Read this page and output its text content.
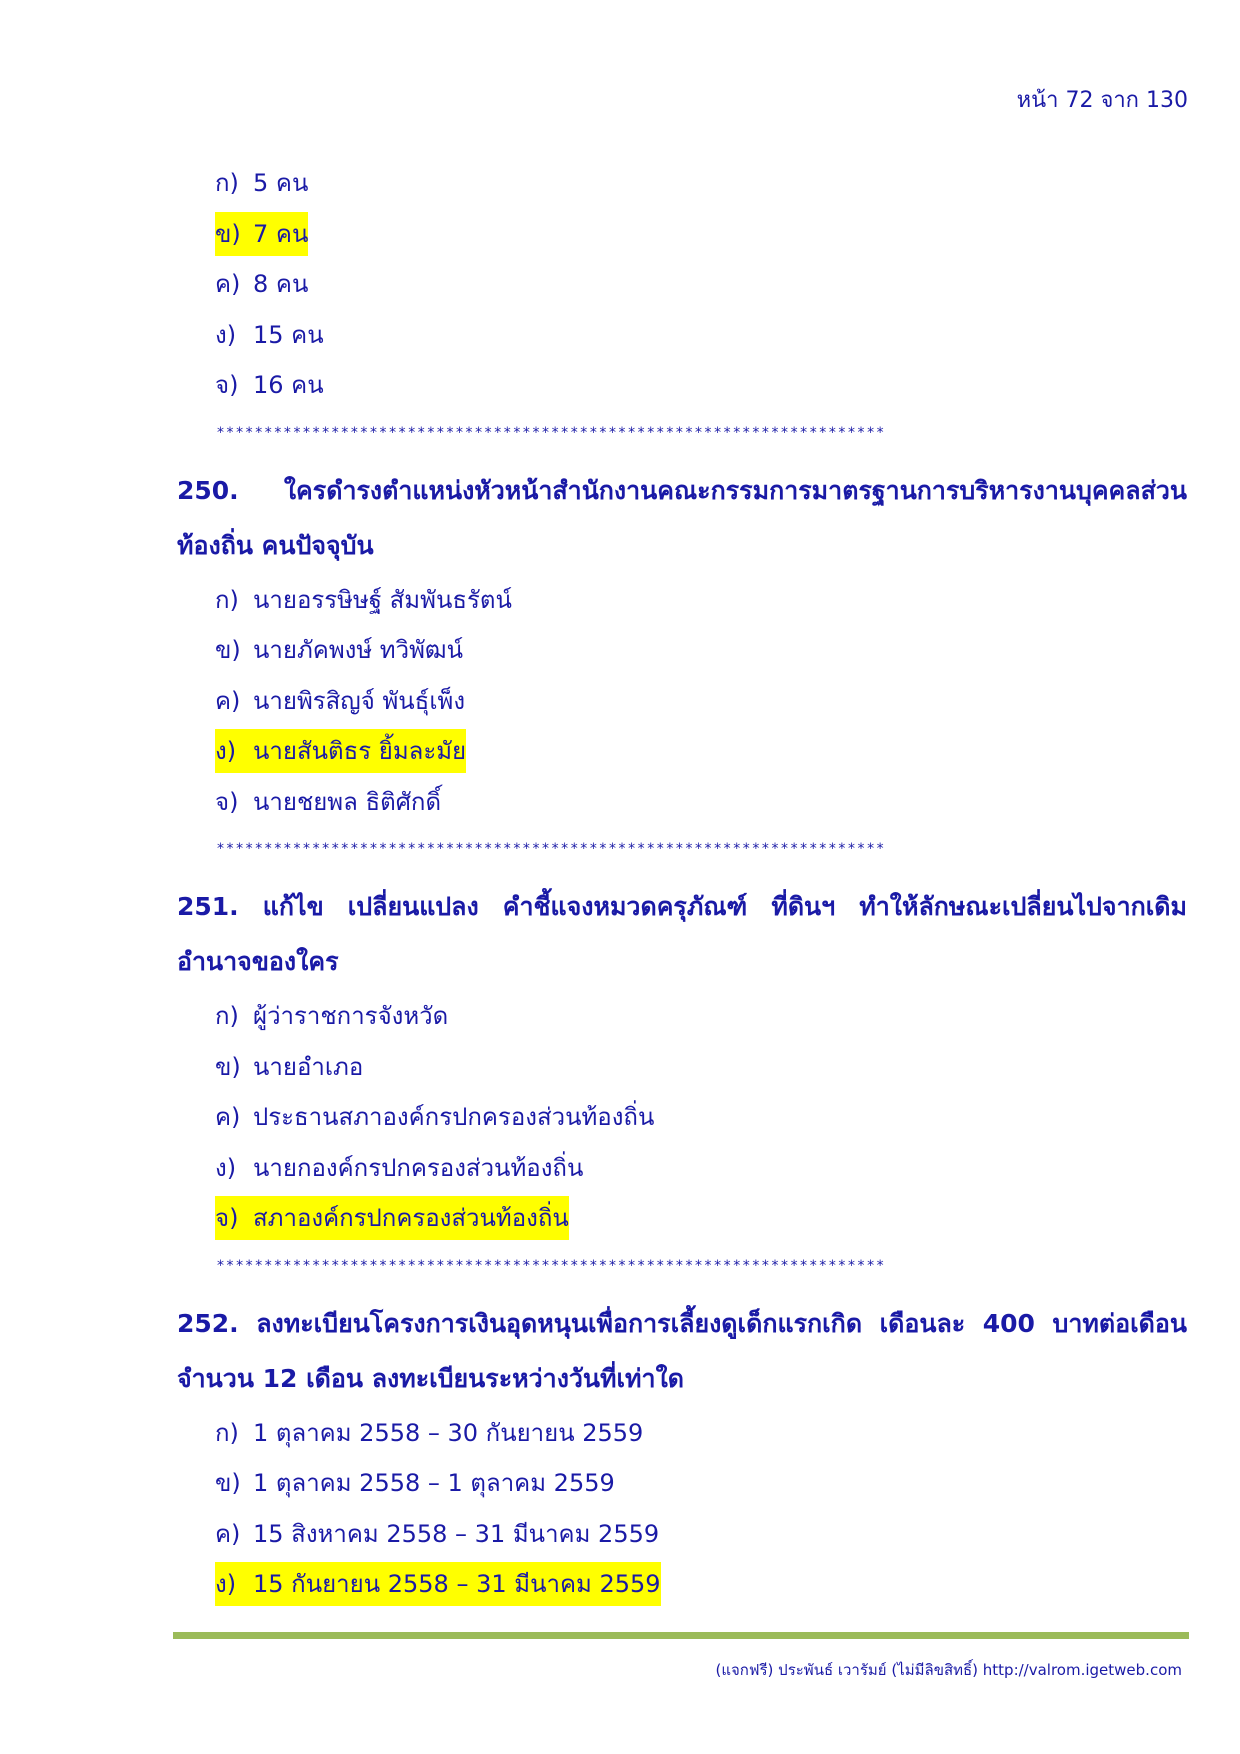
หน้า 72 จาก 130
ก) 5 คน
ข) 7 คน
ค) 8 คน
ง) 15 คน
จ) 16 คน
**********************************************************************
250. ใครดำรงตำแหน่งหัวหน้าสำนักงานคณะกรรมการมาตรฐานการบริหารงานบุคคลส่วนท้องถิ่น คนปัจจุบัน
ก) นายอรรษิษฐ์ สัมพันธรัตน์
ข) นายภัคพงษ์ ทวิพัฒน์
ค) นายพิรสิญจ์ พันธุ์เพ็ง
ง) นายสันติธร ยิ้มละมัย
จ) นายชยพล ธิติศักดิ์
**********************************************************************
251. แก้ไข เปลี่ยนแปลง คำชี้แจงหมวดครุภัณฑ์ ที่ดินฯ ทำให้ลักษณะเปลี่ยนไปจากเดิม อำนาจของใคร
ก) ผู้ว่าราชการจังหวัด
ข) นายอำเภอ
ค) ประธานสภาองค์กรปกครองส่วนท้องถิ่น
ง) นายกองค์กรปกครองส่วนท้องถิ่น
จ) สภาองค์กรปกครองส่วนท้องถิ่น
**********************************************************************
252. ลงทะเบียนโครงการเงินอุดหนุนเพื่อการเลี้ยงดูเด็กแรกเกิด เดือนละ 400 บาทต่อเดือน จำนวน 12 เดือน ลงทะเบียนระหว่างวันที่เท่าใด
ก) 1 ตุลาคม 2558 – 30 กันยายน 2559
ข) 1 ตุลาคม 2558 – 1 ตุลาคม 2559
ค) 15 สิงหาคม 2558 – 31 มีนาคม 2559
ง) 15 กันยายน 2558 – 31 มีนาคม 2559
(แจกฟรี) ประพันธ์ เวารัมย์ (ไม่มีลิขสิทธิ์) http://valrom.igetweb.com
